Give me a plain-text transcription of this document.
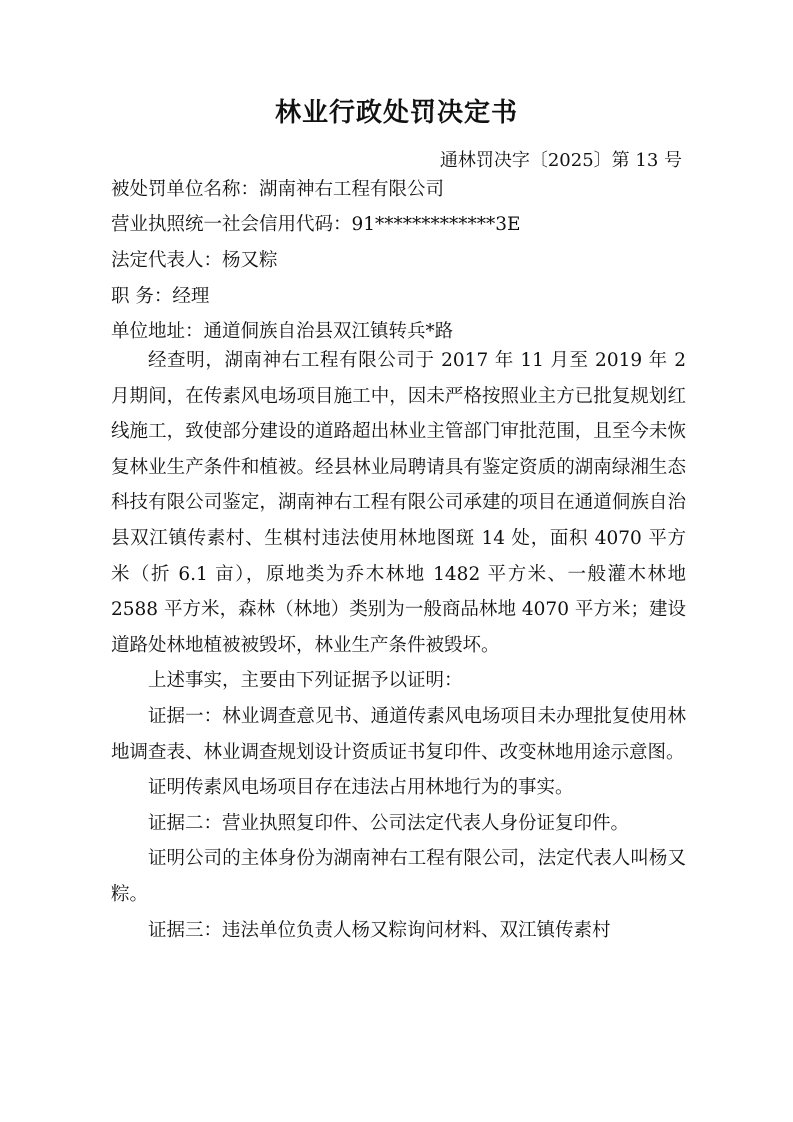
林业行政处罚决定书

通林罚决字〔2025〕第 13 号

被处罚单位名称：湖南神右工程有限公司

营业执照统一社会信用代码：91*************3E

法定代表人：杨又粽

职 务：经理

单位地址：通道侗族自治县双江镇转兵*路

经查明，湖南神右工程有限公司于 2017 年 11 月至 2019 年 2 月期间，在传素风电场项目施工中，因未严格按照业主方已批复规划红线施工，致使部分建设的道路超出林业主管部门审批范围，且至今未恢复林业生产条件和植被。经县林业局聘请具有鉴定资质的湖南绿湘生态科技有限公司鉴定，湖南神右工程有限公司承建的项目在通道侗族自治县双江镇传素村、生棋村违法使用林地图斑 14 处，面积 4070 平方米（折 6.1 亩），原地类为乔木林地 1482 平方米、一般灌木林地 2588 平方米，森林（林地）类别为一般商品林地 4070 平方米；建设道路处林地植被被毁坏，林业生产条件被毁坏。

上述事实，主要由下列证据予以证明：

证据一：林业调查意见书、通道传素风电场项目未办理批复使用林地调查表、林业调查规划设计资质证书复印件、改变林地用途示意图。

证明传素风电场项目存在违法占用林地行为的事实。

证据二：营业执照复印件、公司法定代表人身份证复印件。

证明公司的主体身份为湖南神右工程有限公司，法定代表人叫杨又粽。

证据三：违法单位负责人杨又粽询问材料、双江镇传素村
